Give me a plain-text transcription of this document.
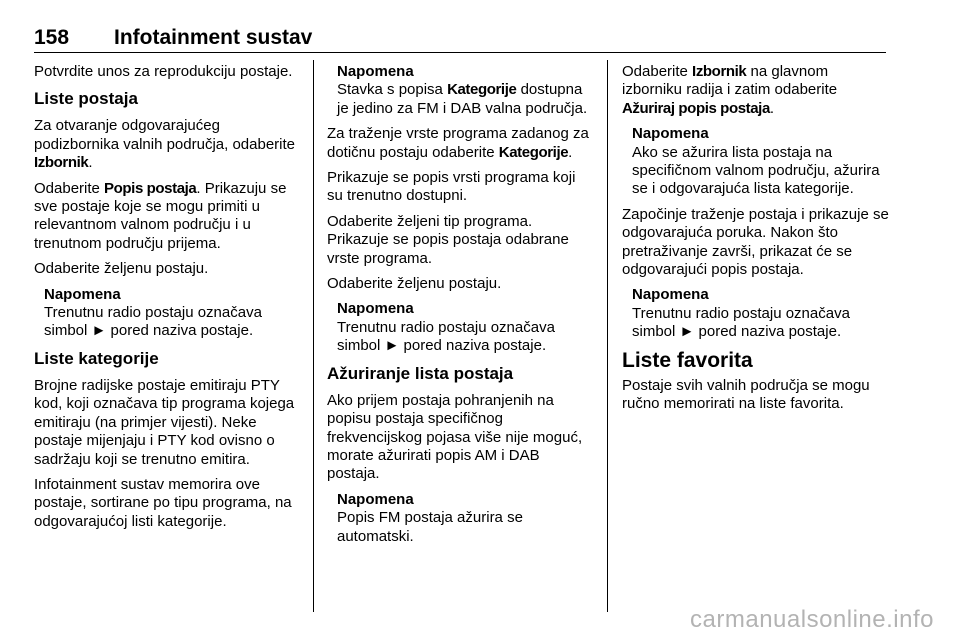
158 Infotainment sustav

Potvrdite unos za reprodukciju postaje.

Liste postaja

Za otvaranje odgovarajućeg podizbornika valnih područja, odaberite Izbornik.

Odaberite Popis postaja. Prikazuju se sve postaje koje se mogu primiti u relevantnom valnom području i u trenutnom području prijema.

Odaberite željenu postaju.

Napomena
Trenutnu radio postaju označava simbol ► pored naziva postaje.
Liste kategorije

Brojne radijske postaje emitiraju PTY kod, koji označava tip programa kojega emitiraju (na primjer vijesti). Neke postaje mijenjaju i PTY kod ovisno o sadržaju koji se trenutno emitira.

Infotainment sustav memorira ove postaje, sortirane po tipu programa, na odgovarajućoj listi kategorije.

Napomena
Stavka s popisa Kategorije dostupna je jedino za FM i DAB valna područja.

Za traženje vrste programa zadanog za dotičnu postaju odaberite Kategorije.

Prikazuje se popis vrsti programa koji su trenutno dostupni.

Odaberite željeni tip programa. Prikazuje se popis postaja odabrane vrste programa.

Odaberite željenu postaju.

Napomena
Trenutnu radio postaju označava simbol ► pored naziva postaje.
Ažuriranje lista postaja

Ako prijem postaja pohranjenih na popisu postaja specifičnog frekvencijskog pojasa više nije moguć, morate ažurirati popis AM i DAB postaja.

Napomena
Popis FM postaja ažurira se automatski.

Odaberite Izbornik na glavnom izborniku radija i zatim odaberite Ažuriraj popis postaja.

Napomena
Ako se ažurira lista postaja na specifičnom valnom području, ažurira se i odgovarajuća lista kategorije.

Započinje traženje postaja i prikazuje se odgovarajuća poruka. Nakon što pretraživanje završi, prikazat će se odgovarajući popis postaja.

Napomena
Trenutnu radio postaju označava simbol ► pored naziva postaje.
Liste favorita

Postaje svih valnih područja se mogu ručno memorirati na liste favorita.

carmanualsonline.info
